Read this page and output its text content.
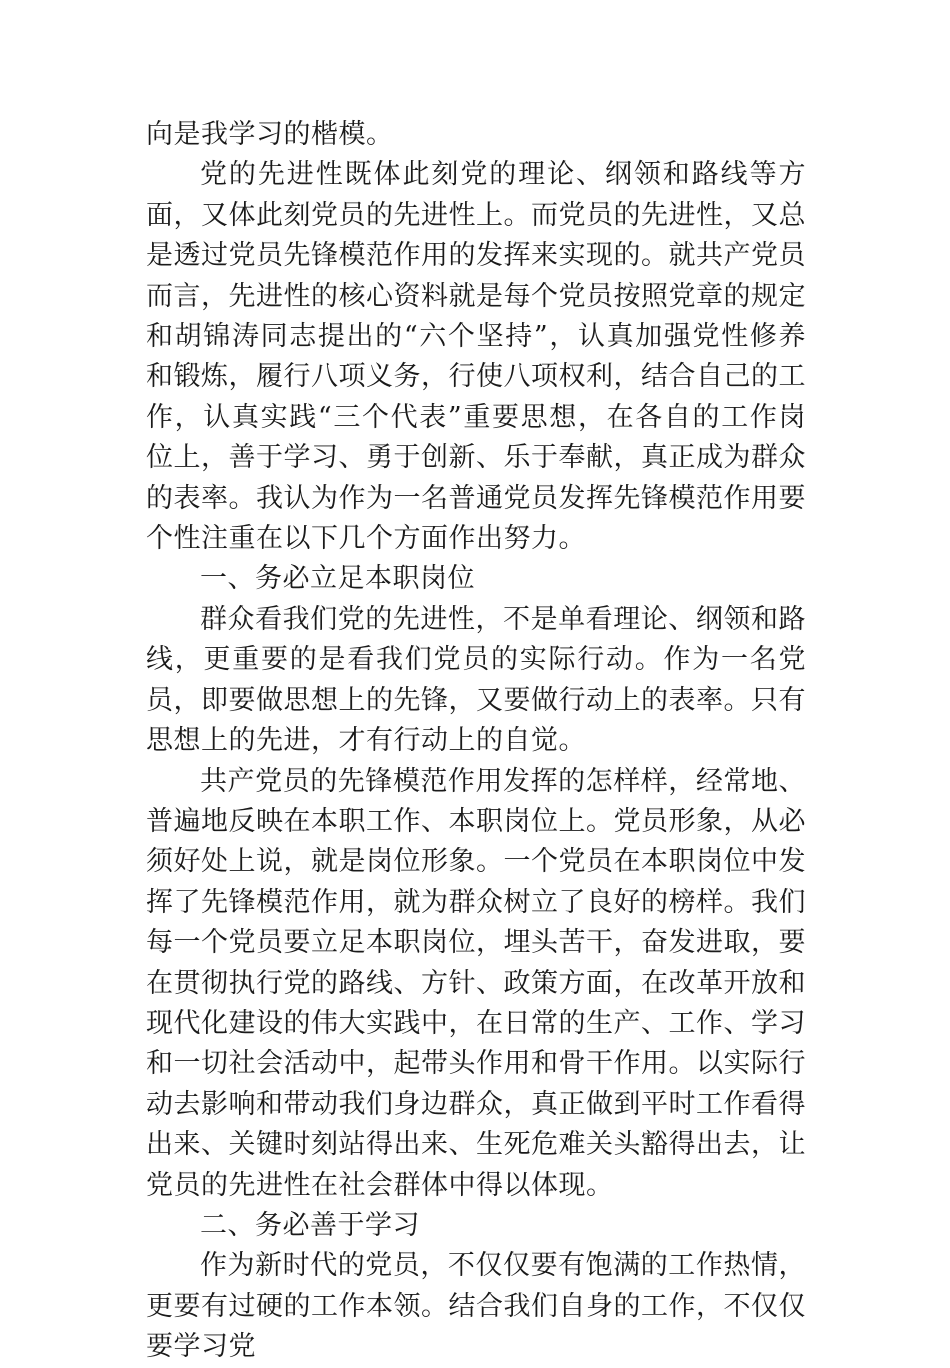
向是我学习的楷模。

党的先进性既体此刻党的理论、纲领和路线等方面，又体此刻党员的先进性上。而党员的先进性，又总是透过党员先锋模范作用的发挥来实现的。就共产党员而言，先进性的核心资料就是每个党员按照党章的规定和胡锦涛同志提出的“六个坚持”，认真加强党性修养和锻炼，履行八项义务，行使八项权利，结合自己的工作，认真实践“三个代表”重要思想，在各自的工作岗位上，善于学习、勇于创新、乐于奉献，真正成为群众的表率。我认为作为一名普通党员发挥先锋模范作用要个性注重在以下几个方面作出努力。

一、务必立足本职岗位

群众看我们党的先进性，不是单看理论、纲领和路线，更重要的是看我们党员的实际行动。作为一名党员，即要做思想上的先锋，又要做行动上的表率。只有思想上的先进，才有行动上的自觉。

共产党员的先锋模范作用发挥的怎样样，经常地、普遍地反映在本职工作、本职岗位上。党员形象，从必须好处上说，就是岗位形象。一个党员在本职岗位中发挥了先锋模范作用，就为群众树立了良好的榜样。我们每一个党员要立足本职岗位，埋头苦干，奋发进取，要在贯彻执行党的路线、方针、政策方面，在改革开放和现代化建设的伟大实践中，在日常的生产、工作、学习和一切社会活动中，起带头作用和骨干作用。以实际行动去影响和带动我们身边群众，真正做到平时工作看得出来、关键时刻站得出来、生死危难关头豁得出去，让党员的先进性在社会群体中得以体现。

二、务必善于学习

作为新时代的党员，不仅仅要有饱满的工作热情，更要有过硬的工作本领。结合我们自身的工作，不仅仅要学习党
